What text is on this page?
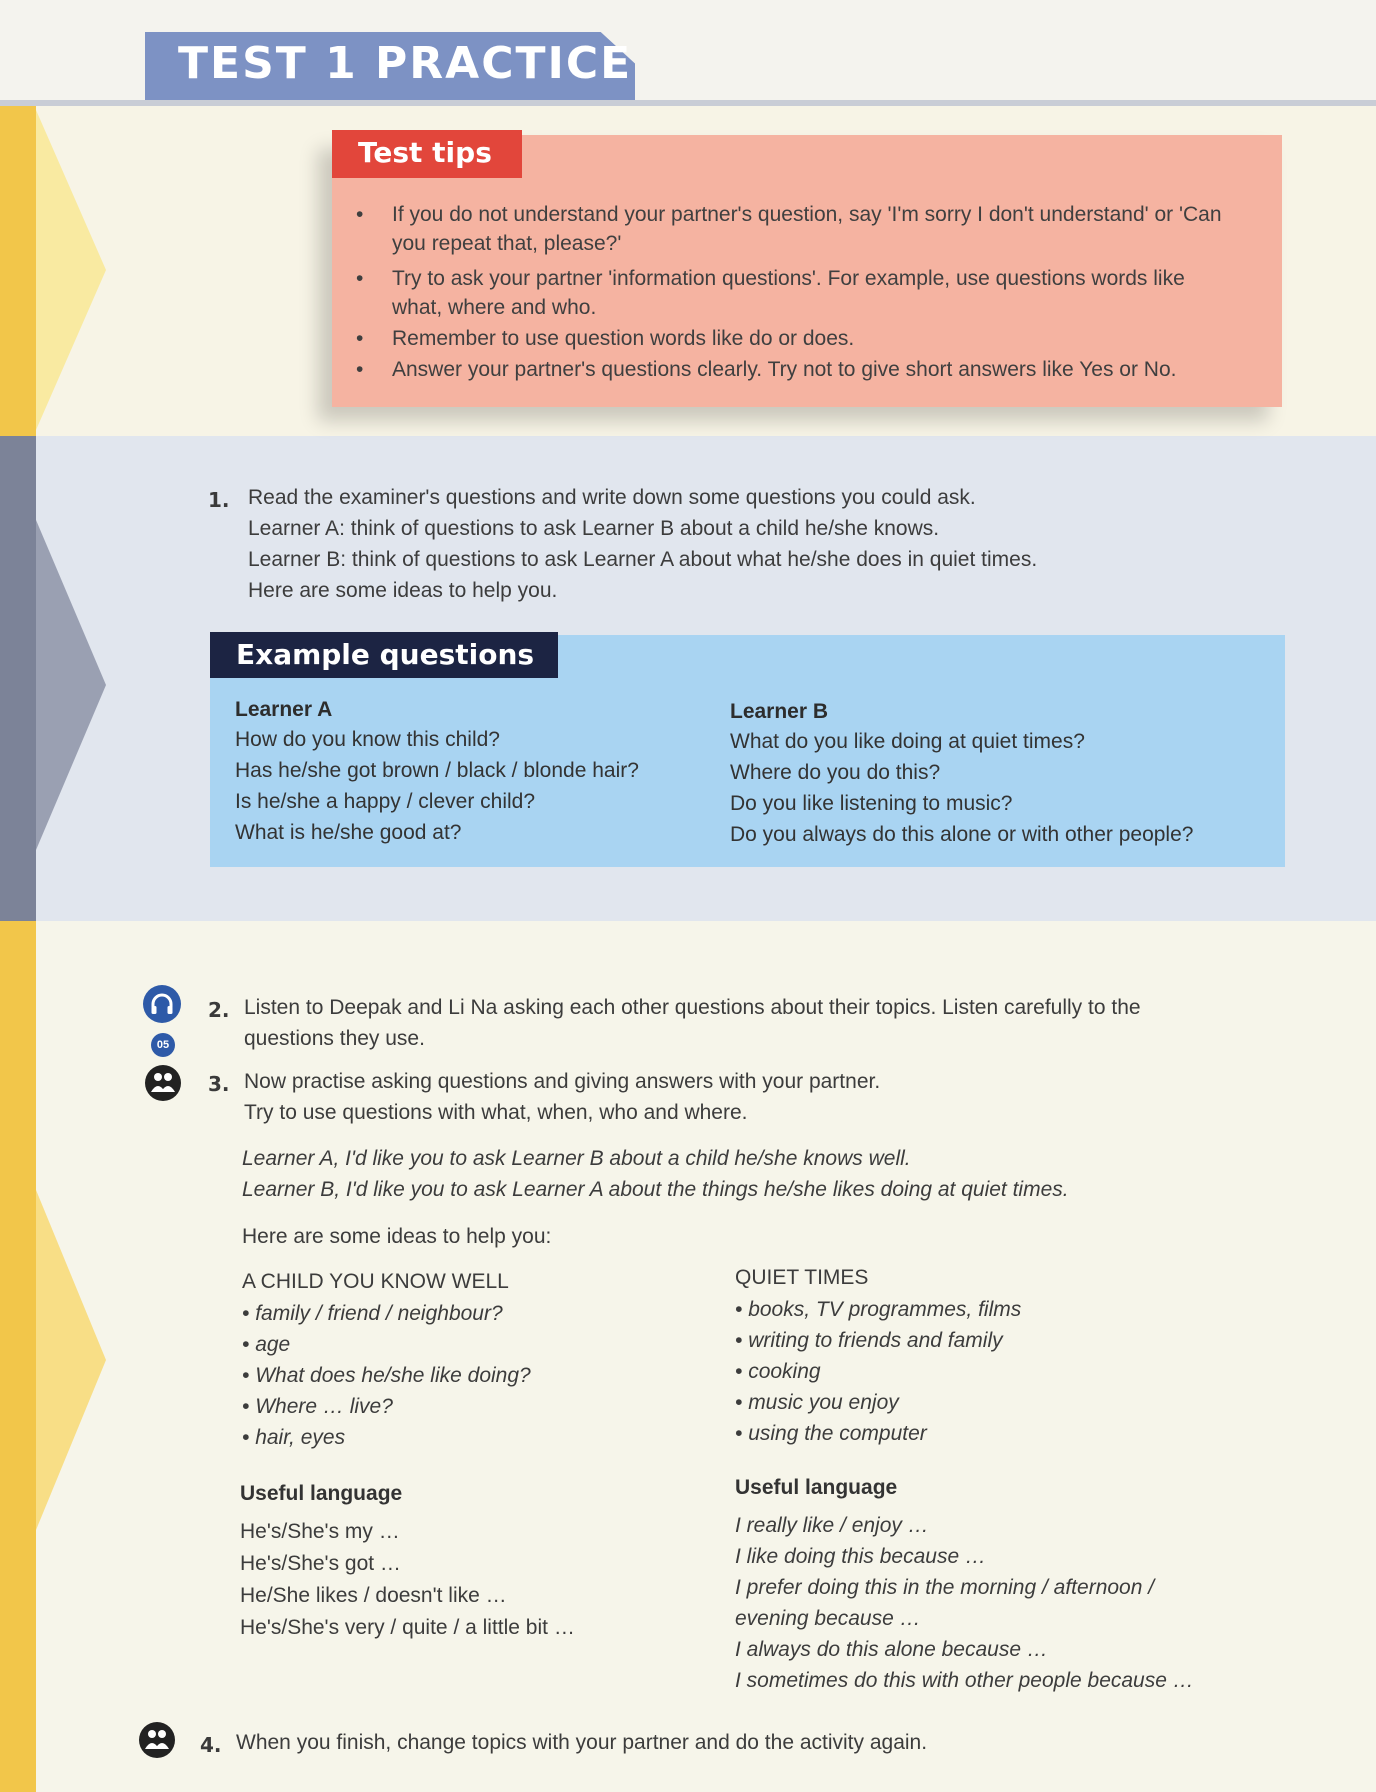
TEST 1 PRACTICE
Test tips
• If you do not understand your partner's question, say 'I'm sorry I don't understand' or 'Can you repeat that, please?'
• Try to ask your partner 'information questions'. For example, use questions words like what, where and who.
• Remember to use question words like do or does.
• Answer your partner's questions clearly. Try not to give short answers like Yes or No.
1. Read the examiner's questions and write down some questions you could ask.
Learner A: think of questions to ask Learner B about a child he/she knows.
Learner B: think of questions to ask Learner A about what he/she does in quiet times.
Here are some ideas to help you.
Example questions
Learner A
How do you know this child?
Has he/she got brown / black / blonde hair?
Is he/she a happy / clever child?
What is he/she good at?
Learner B
What do you like doing at quiet times?
Where do you do this?
Do you like listening to music?
Do you always do this alone or with other people?
05
2. Listen to Deepak and Li Na asking each other questions about their topics. Listen carefully to the
questions they use.
3. Now practise asking questions and giving answers with your partner.
Try to use questions with what, when, who and where.
Learner A, I'd like you to ask Learner B about a child he/she knows well.
Learner B, I'd like you to ask Learner A about the things he/she likes doing at quiet times.
Here are some ideas to help you:
A CHILD YOU KNOW WELL
• family / friend / neighbour?
• age
• What does he/she like doing?
• Where … live?
• hair, eyes
Useful language
He's/She's my …
He's/She's got …
He/She likes / doesn't like …
He's/She's very / quite / a little bit …
QUIET TIMES
• books, TV programmes, films
• writing to friends and family
• cooking
• music you enjoy
• using the computer
Useful language
I really like / enjoy …
I like doing this because …
I prefer doing this in the morning / afternoon /
evening because …
I always do this alone because …
I sometimes do this with other people because …
4. When you finish, change topics with your partner and do the activity again.
